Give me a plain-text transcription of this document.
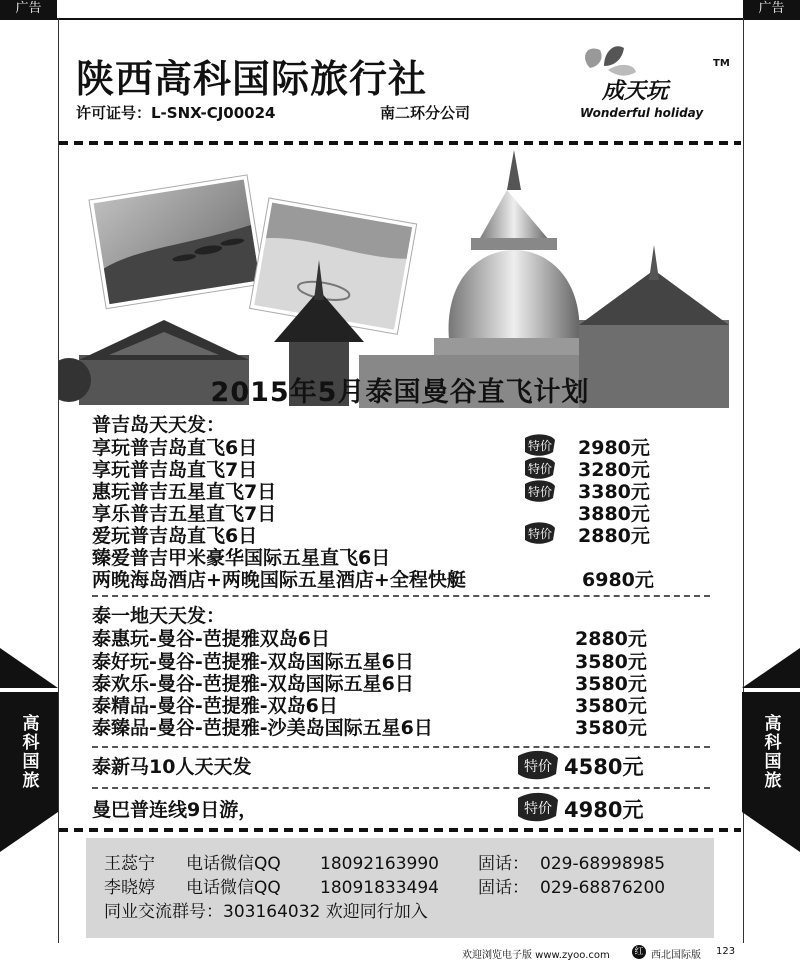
广告	广告
高科国旅	高科国旅
陕西高科国际旅行社
许可证号：L-SNX-CJ00024	南二环分公司
成天玩
Wonderful holiday
TM
2015年5月泰国曼谷直飞计划
普吉岛天天发：
享玩普吉岛直飞6日	2980元
享玩普吉岛直飞7日	3280元
惠玩普吉五星直飞7日	3380元
享乐普吉五星直飞7日	3880元
爱玩普吉岛直飞6日	2880元
臻爱普吉甲米豪华国际五星直飞6日
两晚海岛酒店+两晚国际五星酒店+全程快艇	6980元
特价
特价
特价
特价
泰一地天天发：
泰惠玩-曼谷-芭提雅双岛6日	2880元
泰好玩-曼谷-芭提雅-双岛国际五星6日	3580元
泰欢乐-曼谷-芭提雅-双岛国际五星6日	3580元
泰精品-曼谷-芭提雅-双岛6日	3580元
泰臻品-曼谷-芭提雅-沙美岛国际五星6日	3580元
泰新马10人天天发	特价 4580元
曼巴普连线9日游，	特价 4980元
王蕊宁 电话微信QQ 18092163990 固话： 029-68998985
李晓婷 电话微信QQ 18091833494 固话： 029-68876200
同业交流群号：303164032 欢迎同行加入
欢迎浏览电子版 www.zyoo.com	红 西北国际版 123
